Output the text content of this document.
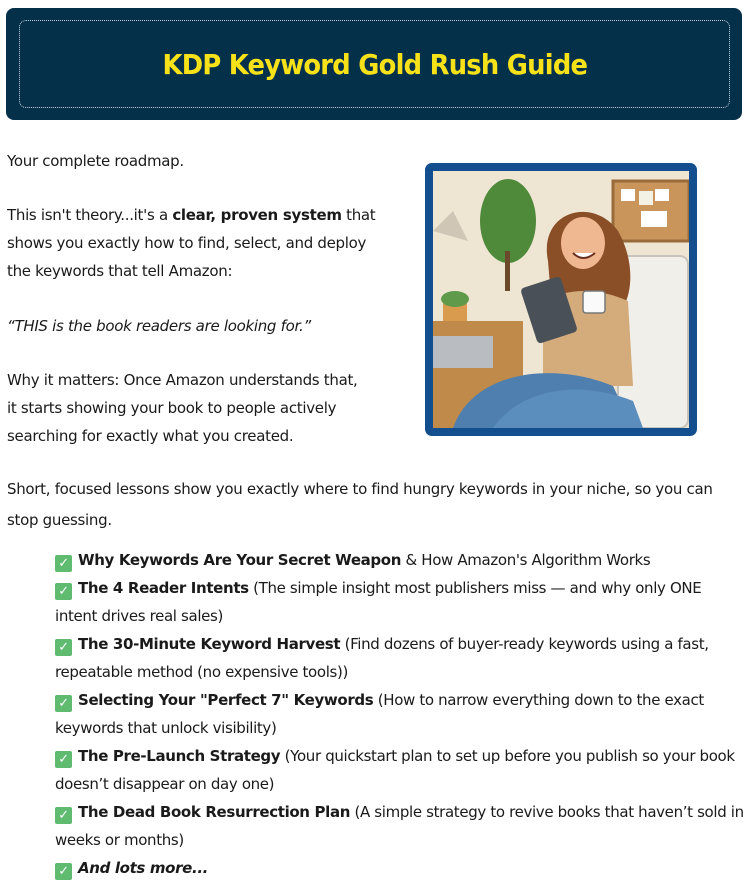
KDP Keyword Gold Rush Guide

Your complete roadmap.

This isn't theory...it's a clear, proven system that
shows you exactly how to find, select, and deploy
the keywords that tell Amazon:

“THIS is the book readers are looking for.”

Why it matters: Once Amazon understands that,
it starts showing your book to people actively
searching for exactly what you created.

Short, focused lessons show you exactly where to find hungry keywords in your niche, so you can stop guessing.

✓ Why Keywords Are Your Secret Weapon & How Amazon's Algorithm Works
✓ The 4 Reader Intents (The simple insight most publishers miss — and why only ONE intent drives real sales)
✓ The 30-Minute Keyword Harvest (Find dozens of buyer-ready keywords using a fast, repeatable method (no expensive tools))
✓ Selecting Your "Perfect 7" Keywords (How to narrow everything down to the exact keywords that unlock visibility)
✓ The Pre-Launch Strategy (Your quickstart plan to set up before you publish so your book doesn’t disappear on day one)
✓ The Dead Book Resurrection Plan (A simple strategy to revive books that haven’t sold in weeks or months)
✓ And lots more...
